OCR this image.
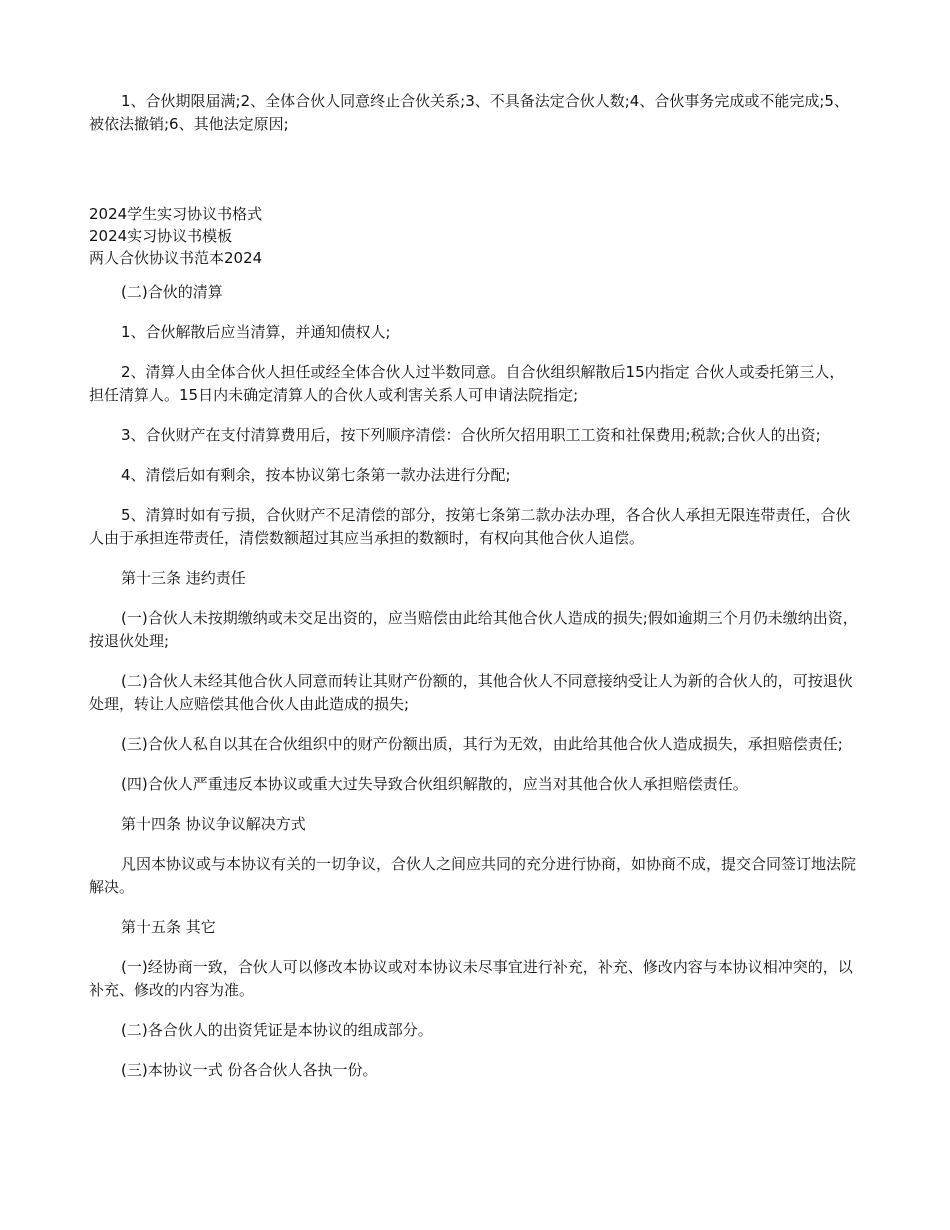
1、合伙期限届满;2、全体合伙人同意终止合伙关系;3、不具备法定合伙人数;4、合伙事务完成或不能完成;5、被依法撤销;6、其他法定原因;

2024学生实习协议书格式

2024实习协议书模板

两人合伙协议书范本2024

(二)合伙的清算

1、合伙解散后应当清算，并通知债权人;

2、清算人由全体合伙人担任或经全体合伙人过半数同意。自合伙组织解散后15内指定 合伙人或委托第三人，担任清算人。15日内未确定清算人的合伙人或利害关系人可申请法院指定;

3、合伙财产在支付清算费用后，按下列顺序清偿：合伙所欠招用职工工资和社保费用;税款;合伙人的出资;

4、清偿后如有剩余，按本协议第七条第一款办法进行分配;

5、清算时如有亏损，合伙财产不足清偿的部分，按第七条第二款办法办理，各合伙人承担无限连带责任，合伙人由于承担连带责任，清偿数额超过其应当承担的数额时，有权向其他合伙人追偿。

第十三条 违约责任

(一)合伙人未按期缴纳或未交足出资的，应当赔偿由此给其他合伙人造成的损失;假如逾期三个月仍未缴纳出资，按退伙处理;

(二)合伙人未经其他合伙人同意而转让其财产份额的，其他合伙人不同意接纳受让人为新的合伙人的，可按退伙处理，转让人应赔偿其他合伙人由此造成的损失;

(三)合伙人私自以其在合伙组织中的财产份额出质，其行为无效，由此给其他合伙人造成损失，承担赔偿责任;

(四)合伙人严重违反本协议或重大过失导致合伙组织解散的，应当对其他合伙人承担赔偿责任。

第十四条 协议争议解决方式

凡因本协议或与本协议有关的一切争议，合伙人之间应共同的充分进行协商，如协商不成，提交合同签订地法院解决。

第十五条 其它

(一)经协商一致，合伙人可以修改本协议或对本协议未尽事宜进行补充，补充、修改内容与本协议相冲突的，以补充、修改的内容为准。

(二)各合伙人的出资凭证是本协议的组成部分。

(三)本协议一式 份各合伙人各执一份。
